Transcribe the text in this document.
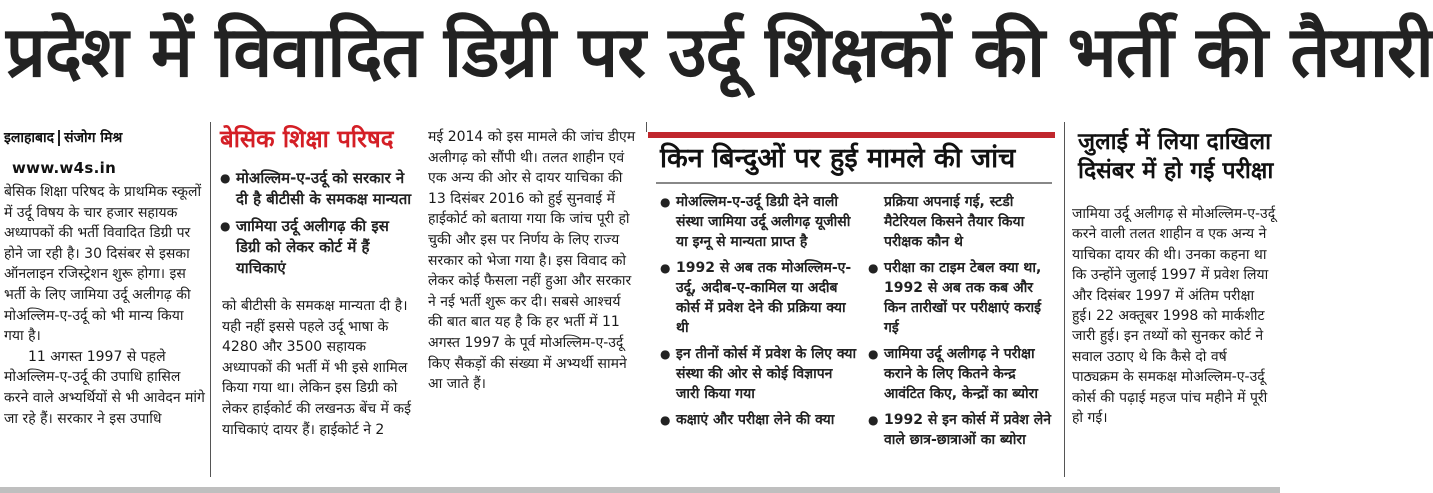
प्रदेश में विवादित डिग्री पर उर्दू शिक्षकों की भर्ती की तैयारी
इलाहाबाद संजोग मिश्र
www.w4s.in

बेसिक शिक्षा परिषद के प्राथमिक स्कूलों में उर्दू विषय के चार हजार सहायक अध्यापकों की भर्ती विवादित डिग्री पर होने जा रही है। 30 दिसंबर से इसका ऑनलाइन रजिस्ट्रेशन शुरू होगा। इस भर्ती के लिए जामिया उर्दू अलीगढ़ की मोअल्लिम-ए-उर्दू को भी मान्य किया गया है।

11 अगस्त 1997 से पहले मोअल्लिम-ए-उर्दू की उपाधि हासिल करने वाले अभ्यर्थियों से भी आवेदन मांगे जा रहे हैं। सरकार ने इस उपाधि

बेसिक शिक्षा परिषद
● मोअल्लिम-ए-उर्दू को सरकार ने दी है बीटीसी के समकक्ष मान्यता
● जामिया उर्दू अलीगढ़ की इस डिग्री को लेकर कोर्ट में हैं याचिकाएं
को बीटीसी के समकक्ष मान्यता दी है। यही नहीं इससे पहले उर्दू भाषा के 4280 और 3500 सहायक अध्यापकों की भर्ती में भी इसे शामिल किया गया था। लेकिन इस डिग्री को लेकर हाईकोर्ट की लखनऊ बेंच में कई याचिकाएं दायर हैं। हाईकोर्ट ने 2
मई 2014 को इस मामले की जांच डीएम अलीगढ़ को सौंपी थी। तलत शाहीन एवं एक अन्य की ओर से दायर याचिका की 13 दिसंबर 2016 को हुई सुनवाई में हाईकोर्ट को बताया गया कि जांच पूरी हो चुकी और इस पर निर्णय के लिए राज्य सरकार को भेजा गया है। इस विवाद को लेकर कोई फैसला नहीं हुआ और सरकार ने नई भर्ती शुरू कर दी। सबसे आश्चर्य की बात बात यह है कि हर भर्ती में 11 अगस्त 1997 के पूर्व मोअल्लिम-ए-उर्दू किए सैकड़ों की संख्या में अभ्यर्थी सामने आ जाते हैं।
किन बिन्दुओं पर हुई मामले की जांच
● मोअल्लिम-ए-उर्दू डिग्री देने वाली संस्था जामिया उर्दू अलीगढ़ यूजीसी या इग्नू से मान्यता प्राप्त है
● 1992 से अब तक मोअल्लिम-ए-उर्दू, अदीब-ए-कामिल या अदीब कोर्स में प्रवेश देने की प्रक्रिया क्या थी
● इन तीनों कोर्स में प्रवेश के लिए क्या संस्था की ओर से कोई विज्ञापन जारी किया गया
● कक्षाएं और परीक्षा लेने की क्या
प्रक्रिया अपनाई गई, स्टडी मैटेरियल किसने तैयार किया परीक्षक कौन थे
● परीक्षा का टाइम टेबल क्या था, 1992 से अब तक कब और किन तारीखों पर परीक्षाएं कराई गई
● जामिया उर्दू अलीगढ़ ने परीक्षा कराने के लिए कितने केन्द्र आवंटित किए, केन्द्रों का ब्योरा
● 1992 से इन कोर्स में प्रवेश लेने वाले छात्र-छात्राओं का ब्योरा
जुलाई में लिया दाखिला दिसंबर में हो गई परीक्षा
जामिया उर्दू अलीगढ़ से मोअल्लिम-ए-उर्दू करने वाली तलत शाहीन व एक अन्य ने याचिका दायर की थी। उनका कहना था कि उन्होंने जुलाई 1997 में प्रवेश लिया और दिसंबर 1997 में अंतिम परीक्षा हुई। 22 अक्तूबर 1998 को मार्कशीट जारी हुई। इन तथ्यों को सुनकर कोर्ट ने सवाल उठाए थे कि कैसे दो वर्ष पाठ्यक्रम के समकक्ष मोअल्लिम-ए-उर्दू कोर्स की पढ़ाई महज पांच महीने में पूरी हो गई।
